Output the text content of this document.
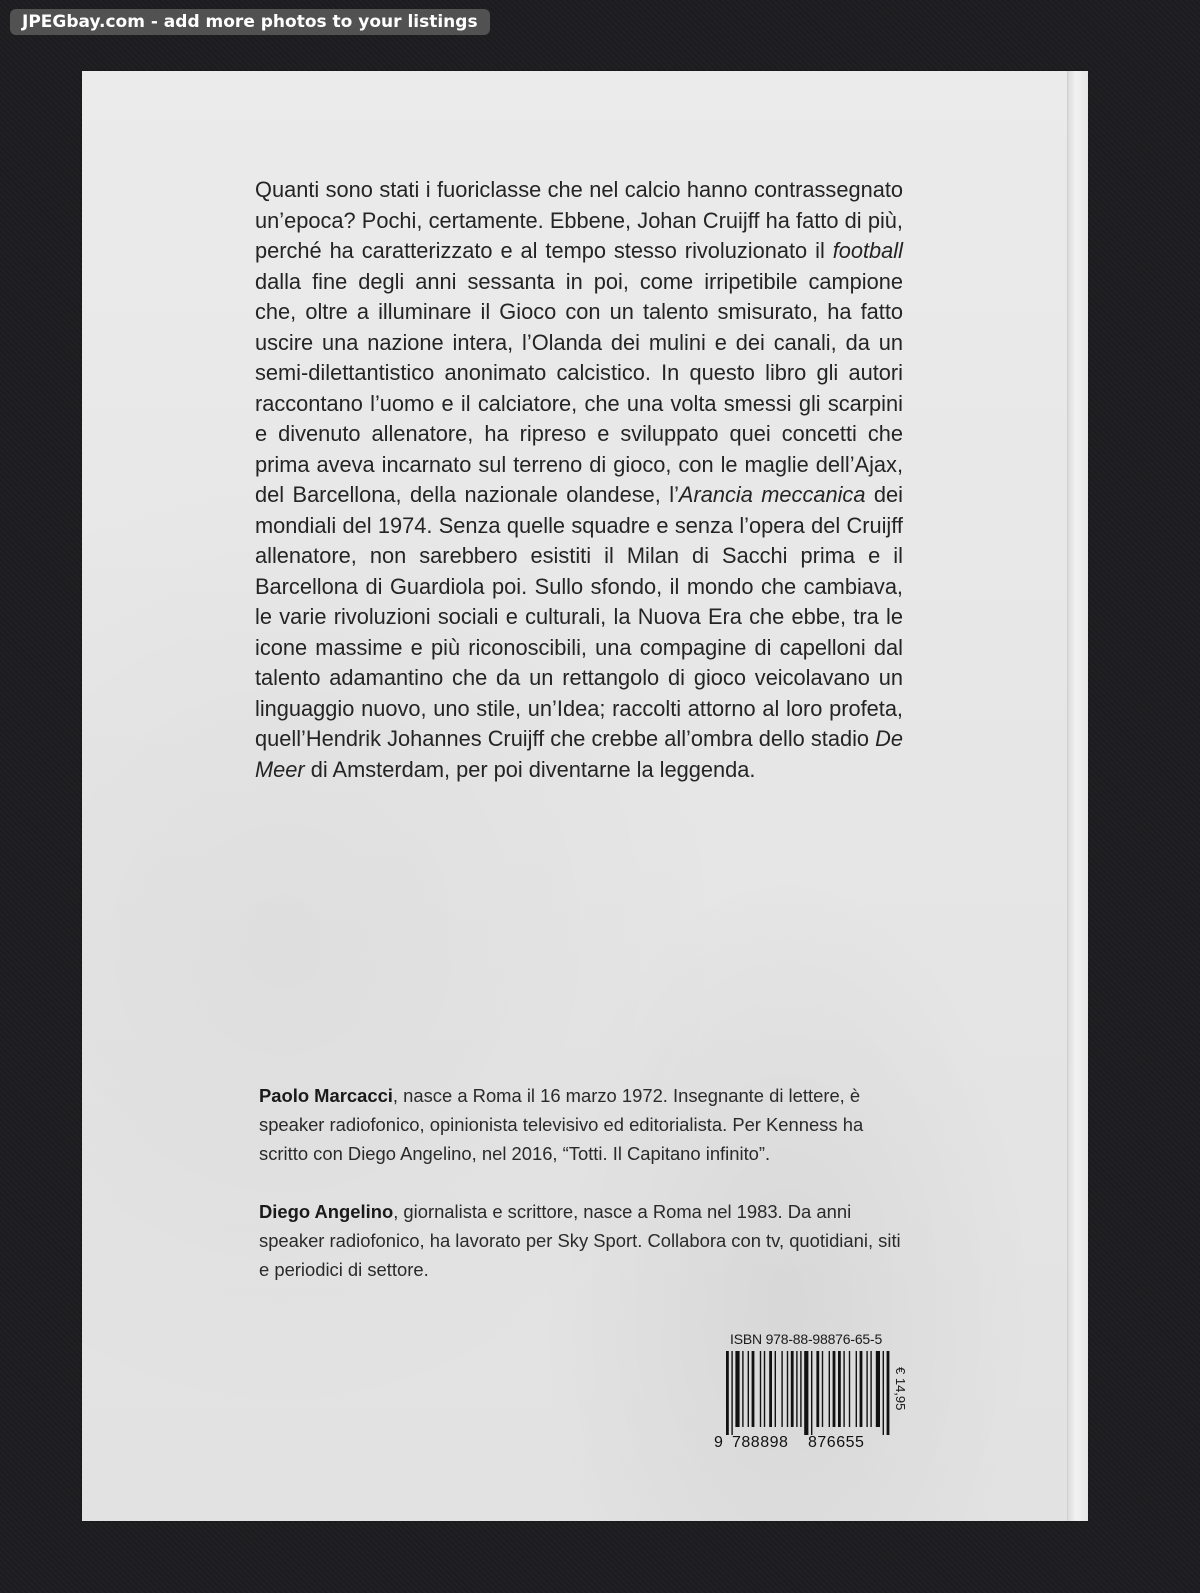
JPEGbay.com - add more photos to your listings

Quanti sono stati i fuoriclasse che nel calcio hanno contrassegnato un’epoca? Pochi, certamente. Ebbene, Johan Cruijff ha fatto di più, perché ha caratterizzato e al tempo stesso rivoluzionato il football dalla fine degli anni sessanta in poi, come irripetibile campione che, oltre a illuminare il Gioco con un talento smisurato, ha fatto uscire una nazione intera, l’Olanda dei mulini e dei canali, da un semi-dilettantistico anonimato calcistico. In questo libro gli autori raccontano l’uomo e il calciatore, che una volta smessi gli scarpini e divenuto allenatore, ha ripreso e sviluppato quei concetti che prima aveva incarnato sul terreno di gioco, con le maglie dell’Ajax, del Barcellona, della nazionale olandese, l’Arancia meccanica dei mondiali del 1974. Senza quelle squadre e senza l’opera del Cruijff allenatore, non sarebbero esistiti il Milan di Sacchi prima e il Barcellona di Guardiola poi. Sullo sfondo, il mondo che cambiava, le varie rivoluzioni sociali e culturali, la Nuova Era che ebbe, tra le icone massime e più riconoscibili, una compagine di capelloni dal talento adamantino che da un rettangolo di gioco veicolavano un linguaggio nuovo, uno stile, un’Idea; raccolti attorno al loro profeta, quell’Hendrik Johannes Cruijff che crebbe all’ombra dello stadio De Meer di Amsterdam, per poi diventarne la leggenda.

Paolo Marcacci, nasce a Roma il 16 marzo 1972. Insegnante di lettere, è speaker radiofonico, opinionista televisivo ed editorialista. Per Kenness ha scritto con Diego Angelino, nel 2016, “Totti. Il Capitano infinito”.

Diego Angelino, giornalista e scrittore, nasce a Roma nel 1983. Da anni speaker radiofonico, ha lavorato per Sky Sport. Collabora con tv, quotidiani, siti e periodici di settore.

ISBN 978-88-98876-65-5
9 788898 876655
€ 14,95
